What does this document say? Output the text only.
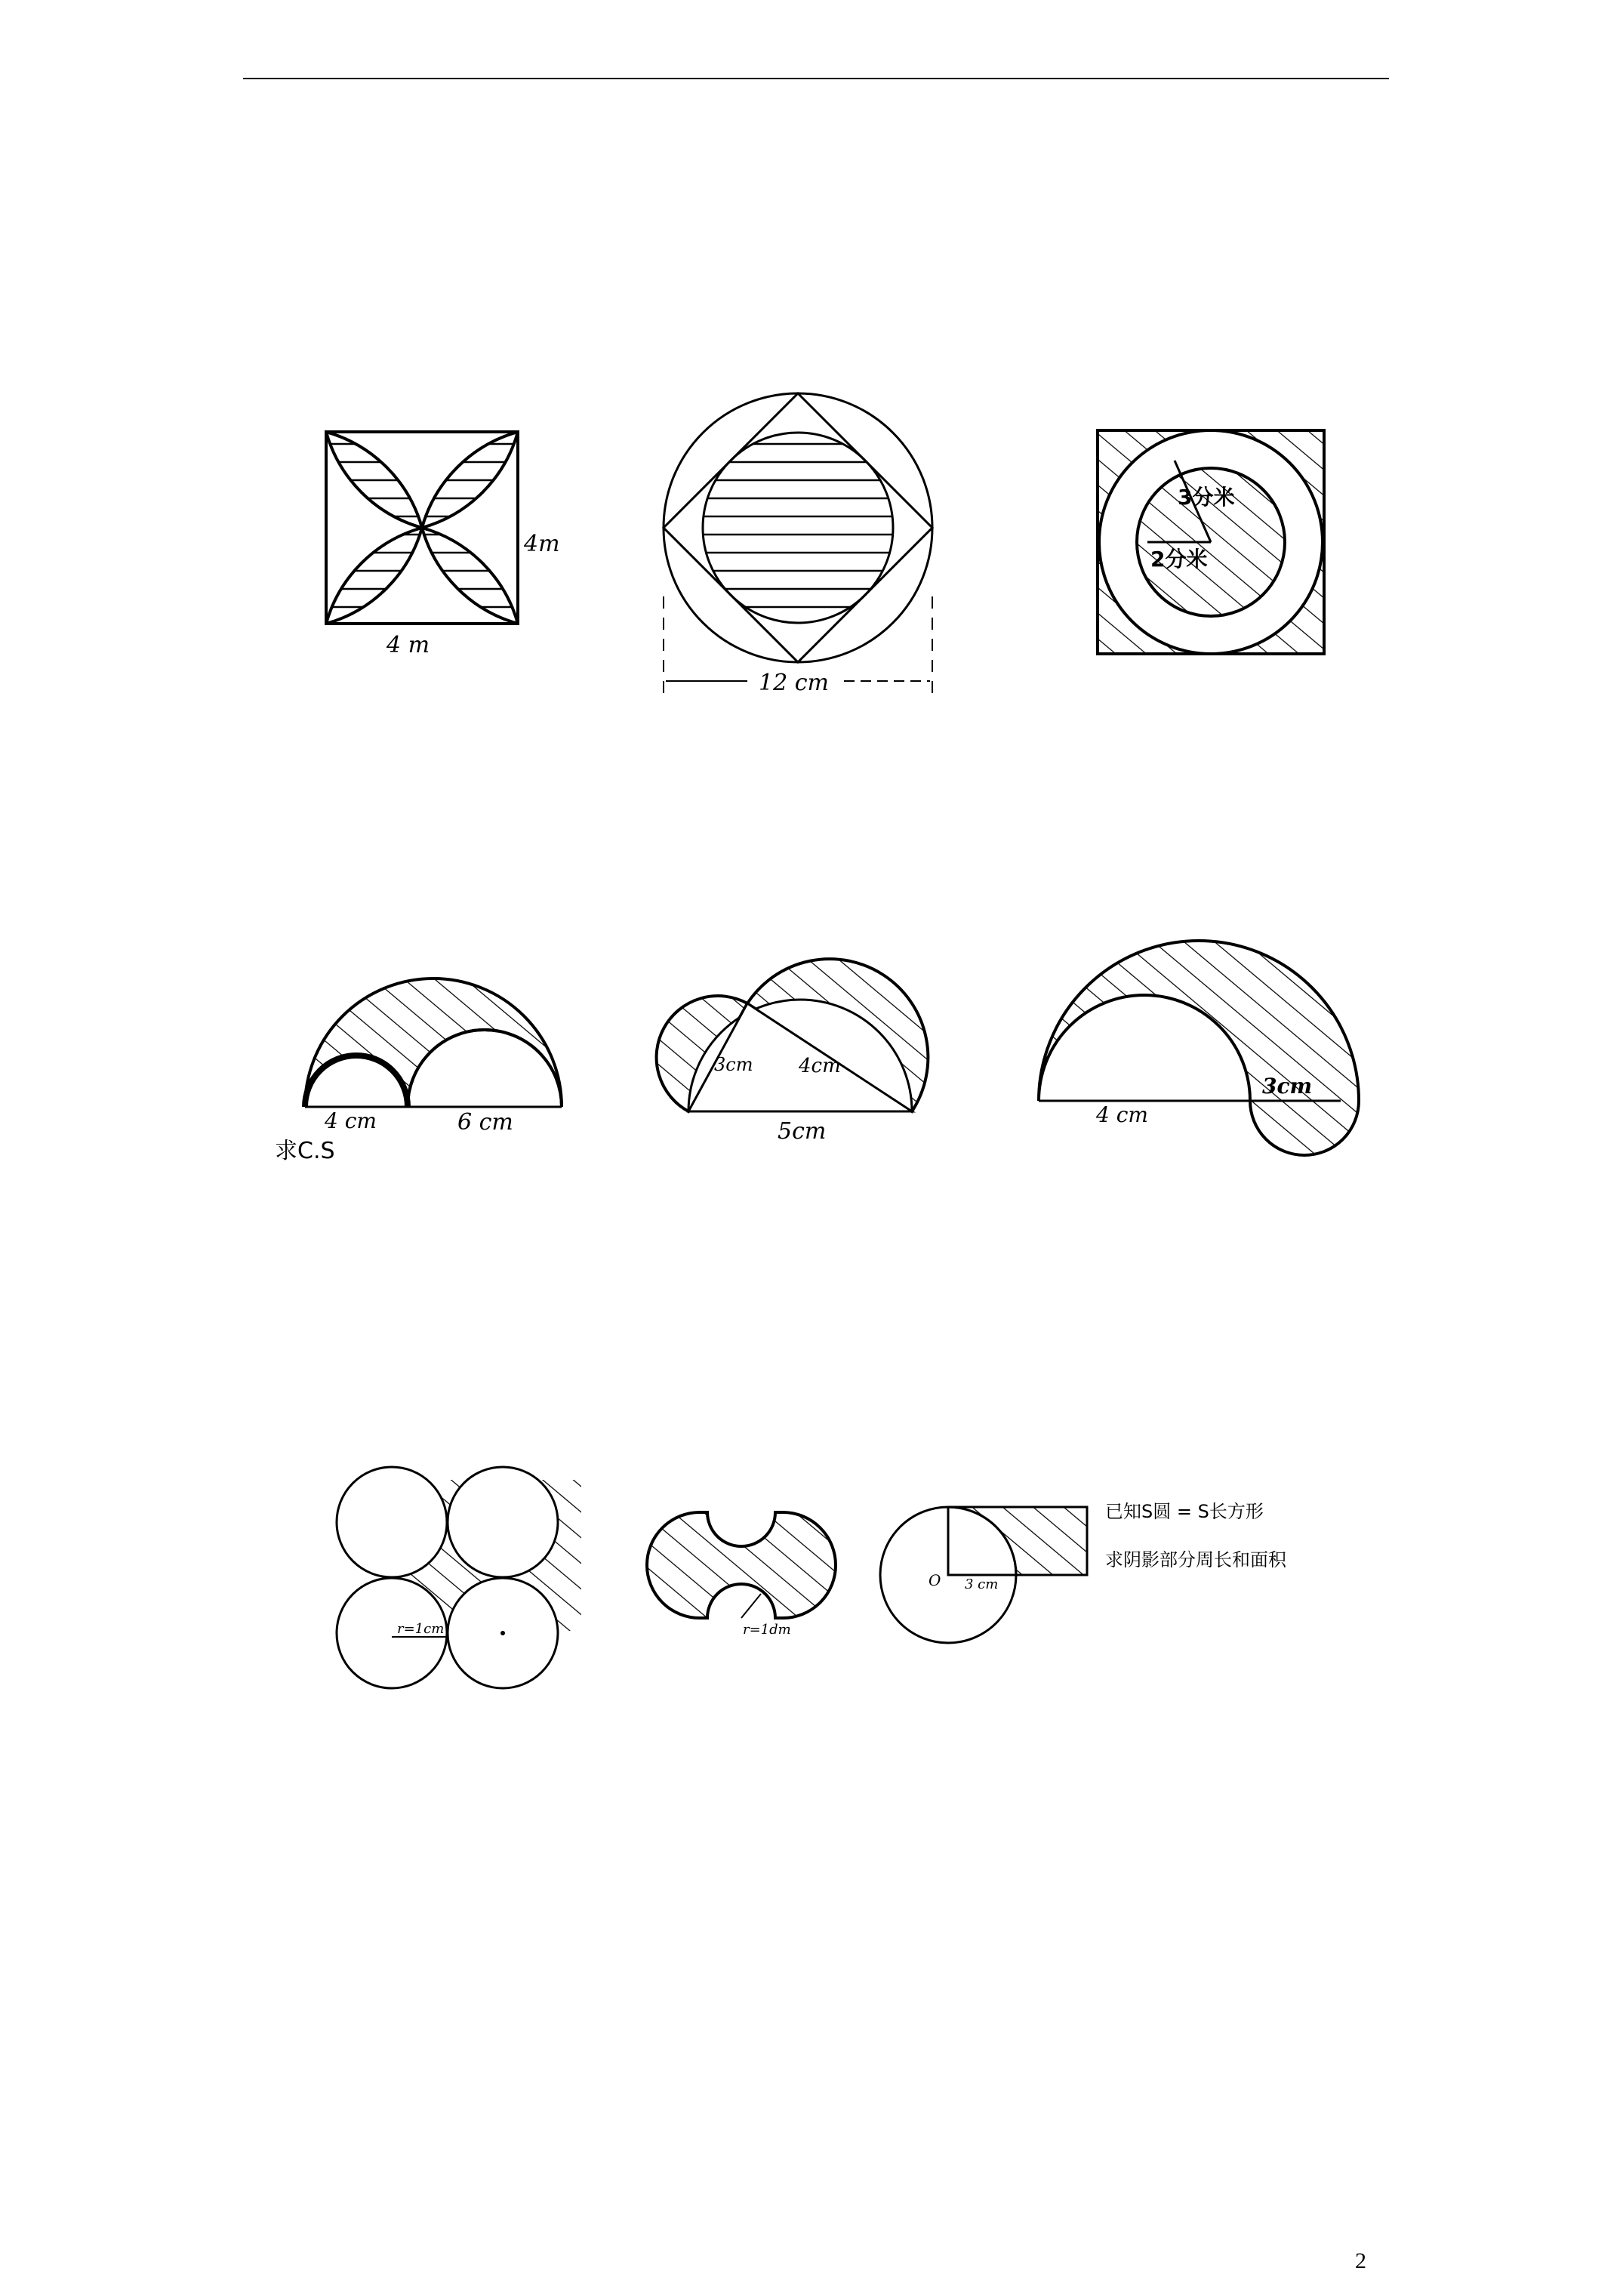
4m
4 m
12 cm
3分米
2分米
4 cm	6 cm
求C.S
3cm 4cm
5cm
4 cm
3cm
r=1cm	r=1dm
O 3 cm
已知S圆 = S长方形
求阴影部分周长和面积
2
